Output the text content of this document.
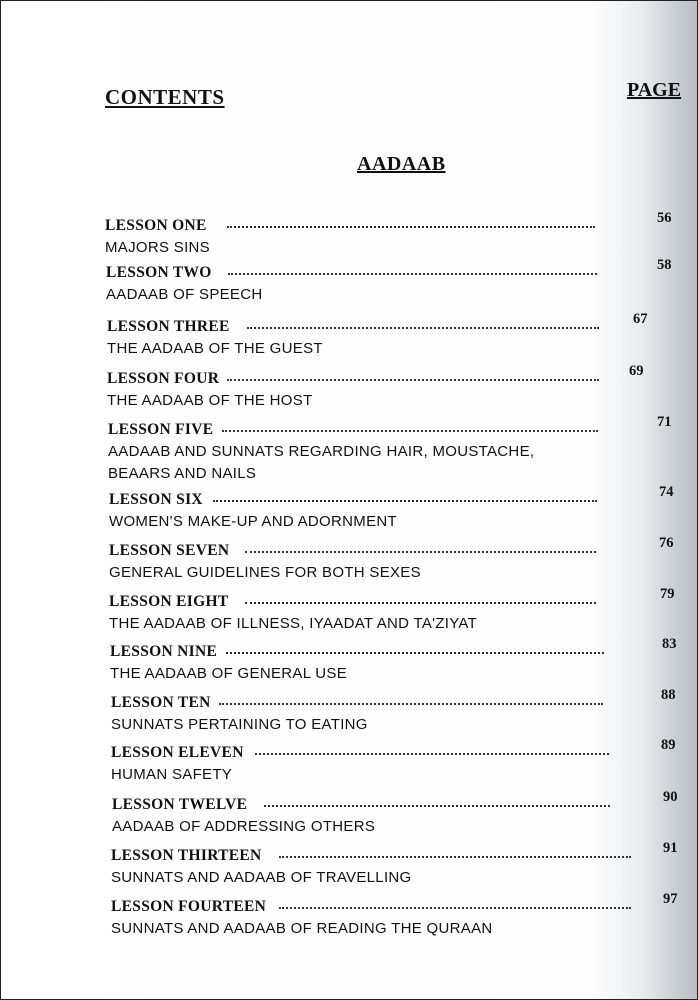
CONTENTS	PAGE
AADAAB
LESSON ONE	56
MAJORS SINS
LESSON TWO	58
AADAAB OF SPEECH
LESSON THREE	67
THE AADAAB OF THE GUEST
LESSON FOUR	69
THE AADAAB OF THE HOST
LESSON FIVE	71
AADAAB AND SUNNATS REGARDING HAIR, MOUSTACHE,
BEAARS AND NAILS
LESSON SIX	74
WOMEN'S MAKE-UP AND ADORNMENT
LESSON SEVEN	76
GENERAL GUIDELINES FOR BOTH SEXES
LESSON EIGHT	79
THE AADAAB OF ILLNESS, IYAADAT AND TA'ZIYAT
LESSON NINE	83
THE AADAAB OF GENERAL USE
LESSON TEN	88
SUNNATS PERTAINING TO EATING
LESSON ELEVEN	89
HUMAN SAFETY
LESSON TWELVE	90
AADAAB OF ADDRESSING OTHERS
LESSON THIRTEEN	91
SUNNATS AND AADAAB OF TRAVELLING
LESSON FOURTEEN	97
SUNNATS AND AADAAB OF READING THE QURAAN
